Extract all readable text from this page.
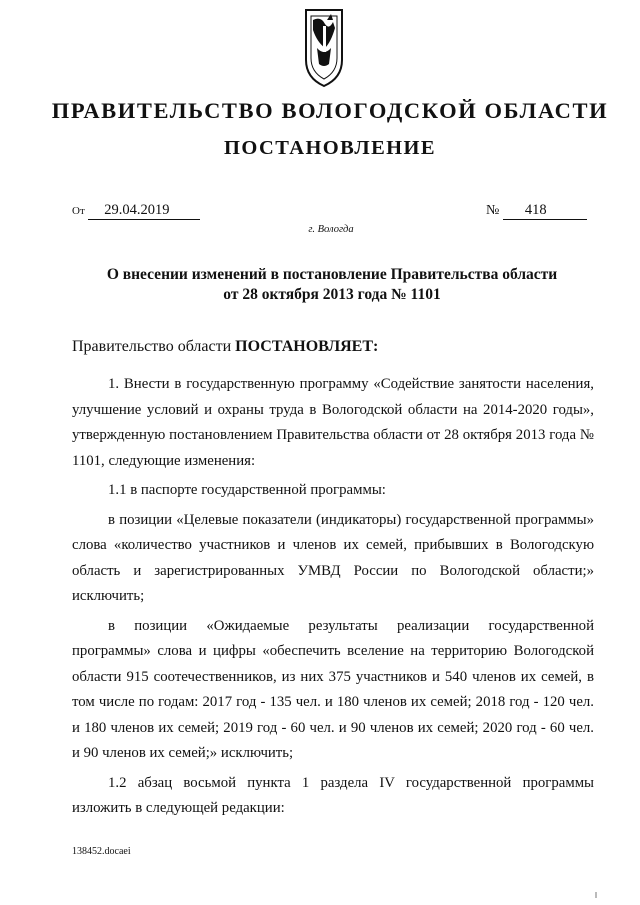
ПРАВИТЕЛЬСТВО ВОЛОГОДСКОЙ ОБЛАСТИ
ПОСТАНОВЛЕНИЕ
От 29.04.2019	№ 418
г. Вологда
О внесении изменений в постановление Правительства области
от 28 октября 2013 года № 1101
Правительство области ПОСТАНОВЛЯЕТ:

1. Внести в государственную программу «Содействие занятости населения, улучшение условий и охраны труда в Вологодской области на 2014-2020 годы», утвержденную постановлением Правительства области от 28 октября 2013 года № 1101, следующие изменения:

1.1 в паспорте государственной программы:

в позиции «Целевые показатели (индикаторы) государственной программы» слова «количество участников и членов их семей, прибывших в Вологодскую область и зарегистрированных УМВД России по Вологодской области;» исключить;

в позиции «Ожидаемые результаты реализации государственной программы» слова и цифры «обеспечить вселение на территорию Вологодской области 915 соотечественников, из них 375 участников и 540 членов их семей, в том числе по годам: 2017 год - 135 чел. и 180 членов их семей; 2018 год - 120 чел. и 180 членов их семей; 2019 год - 60 чел. и 90 членов их семей; 2020 год - 60 чел. и 90 членов их семей;» исключить;

1.2 абзац восьмой пункта 1 раздела IV государственной программы изложить в следующей редакции:

138452.docaei
